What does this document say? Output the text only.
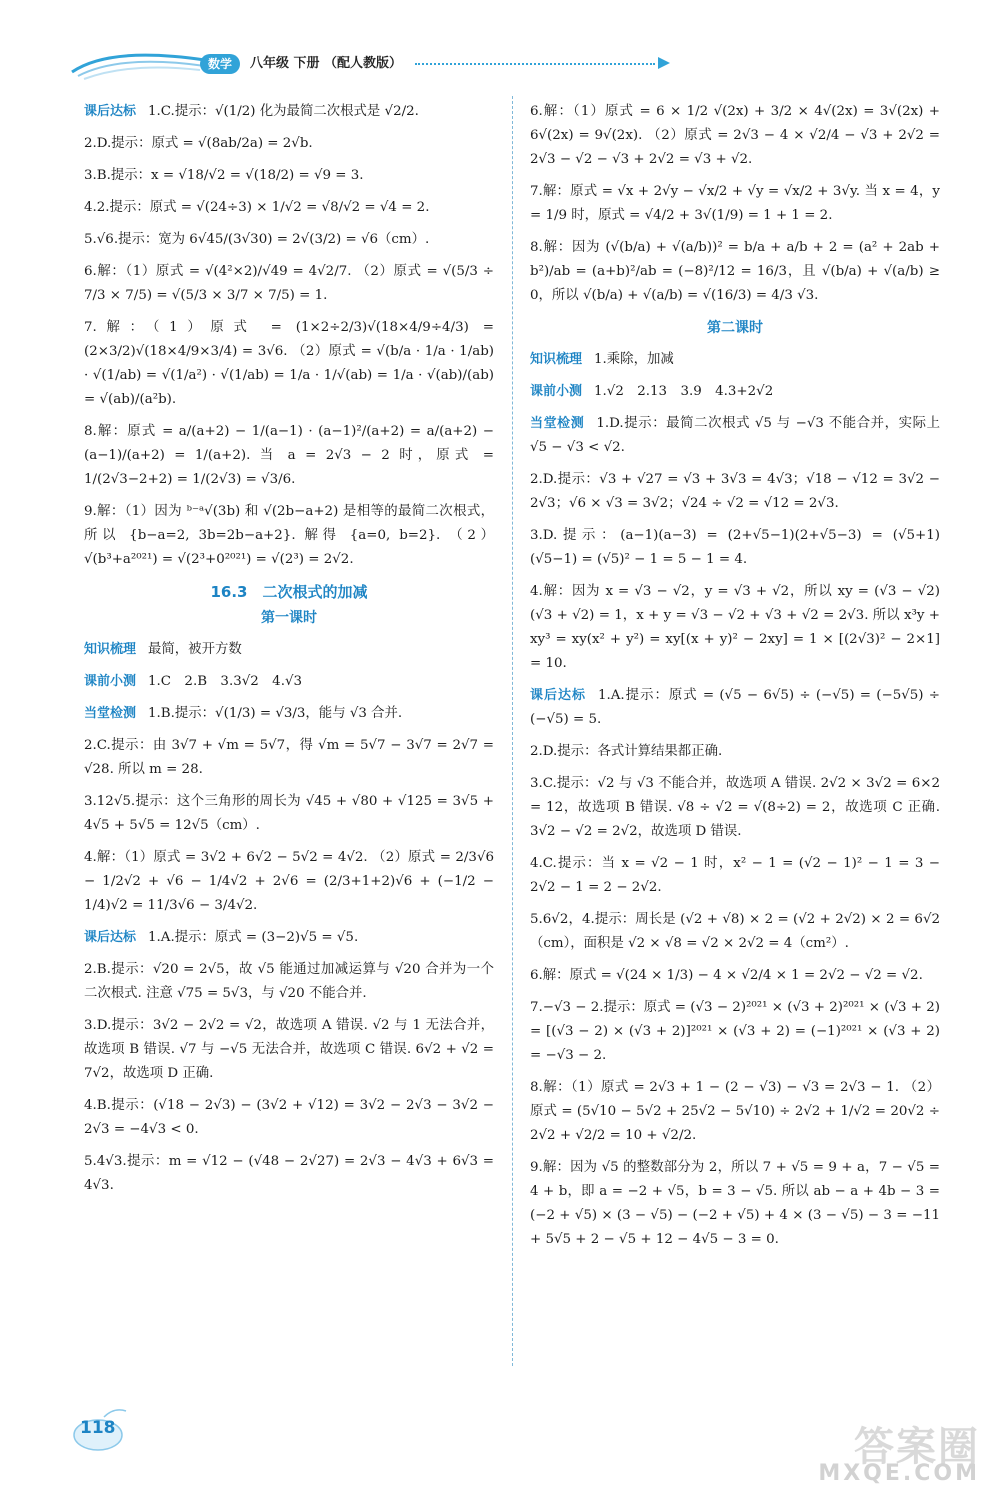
数学	八年级 下册 （配人教版）

课后达标 1.C.提示：√(1/2) 化为最简二次根式是 √2/2.

2.D.提示：原式 = √(8ab/2a) = 2√b.

3.B.提示：x = √18/√2 = √(18/2) = √9 = 3.

4.2.提示：原式 = √(24÷3) × 1/√2 = √8/√2 = √4 = 2.

5.√6.提示：宽为 6√45/(3√30) = 2√(3/2) = √6（cm）.

6.解：（1）原式 = √(4²×2)/√49 = 4√2/7. （2）原式 = √(5/3 ÷ 7/3 × 7/5) = √(5/3 × 3/7 × 7/5) = 1.

7.解：（1）原式 = (1×2÷2/3)√(18×4/9÷4/3) = (2×3/2)√(18×4/9×3/4) = 3√6. （2）原式 = √(b/a · 1/a · 1/ab) · √(1/ab) = √(1/a²) · √(1/ab) = 1/a · 1/√(ab) = 1/a · √(ab)/(ab) = √(ab)/(a²b).

8.解：原式 = a/(a+2) − 1/(a−1) · (a−1)²/(a+2) = a/(a+2) − (a−1)/(a+2) = 1/(a+2). 当 a = 2√3 − 2 时，原式 = 1/(2√3−2+2) = 1/(2√3) = √3/6.

9.解：（1）因为 ᵇ⁻ᵃ√(3b) 和 √(2b−a+2) 是相等的最简二次根式，所以 {b−a=2, 3b=2b−a+2}. 解得 {a=0, b=2}. （2）√(b³+a²⁰²¹) = √(2³+0²⁰²¹) = √(2³) = 2√2.

16.3　二次根式的加减
第一课时

知识梳理 最简，被开方数

课前小测 1.C　2.B　3.3√2　4.√3

当堂检测 1.B.提示：√(1/3) = √3/3，能与 √3 合并.

2.C.提示：由 3√7 + √m = 5√7，得 √m = 5√7 − 3√7 = 2√7 = √28. 所以 m = 28.

3.12√5.提示：这个三角形的周长为 √45 + √80 + √125 = 3√5 + 4√5 + 5√5 = 12√5（cm）.

4.解：（1）原式 = 3√2 + 6√2 − 5√2 = 4√2. （2）原式 = 2/3√6 − 1/2√2 + √6 − 1/4√2 + 2√6 = (2/3+1+2)√6 + (−1/2 − 1/4)√2 = 11/3√6 − 3/4√2.

课后达标 1.A.提示：原式 = (3−2)√5 = √5.

2.B.提示：√20 = 2√5，故 √5 能通过加减运算与 √20 合并为一个二次根式. 注意 √75 = 5√3，与 √20 不能合并.

3.D.提示：3√2 − 2√2 = √2，故选项 A 错误. √2 与 1 无法合并，故选项 B 错误. √7 与 −√5 无法合并，故选项 C 错误. 6√2 + √2 = 7√2，故选项 D 正确.

4.B.提示：(√18 − 2√3) − (3√2 + √12) = 3√2 − 2√3 − 3√2 − 2√3 = −4√3 < 0.

5.4√3.提示：m = √12 − (√48 − 2√27) = 2√3 − 4√3 + 6√3 = 4√3.

6.解：（1）原式 = 6 × 1/2 √(2x) + 3/2 × 4√(2x) = 3√(2x) + 6√(2x) = 9√(2x). （2）原式 = 2√3 − 4 × √2/4 − √3 + 2√2 = 2√3 − √2 − √3 + 2√2 = √3 + √2.

7.解：原式 = √x + 2√y − √x/2 + √y = √x/2 + 3√y. 当 x = 4，y = 1/9 时，原式 = √4/2 + 3√(1/9) = 1 + 1 = 2.

8.解：因为 (√(b/a) + √(a/b))² = b/a + a/b + 2 = (a² + 2ab + b²)/ab = (a+b)²/ab = (−8)²/12 = 16/3，且 √(b/a) + √(a/b) ≥ 0，所以 √(b/a) + √(a/b) = √(16/3) = 4/3 √3.

第二课时

知识梳理 1.乘除，加减

课前小测 1.√2　2.13　3.9　4.3+2√2

当堂检测 1.D.提示：最简二次根式 √5 与 −√3 不能合并，实际上 √5 − √3 < √2.

2.D.提示：√3 + √27 = √3 + 3√3 = 4√3；√18 − √12 = 3√2 − 2√3；√6 × √3 = 3√2；√24 ÷ √2 = √12 = 2√3.

3.D.提示：(a−1)(a−3) = (2+√5−1)(2+√5−3) = (√5+1)(√5−1) = (√5)² − 1 = 5 − 1 = 4.

4.解：因为 x = √3 − √2，y = √3 + √2，所以 xy = (√3 − √2)(√3 + √2) = 1，x + y = √3 − √2 + √3 + √2 = 2√3. 所以 x³y + xy³ = xy(x² + y²) = xy[(x + y)² − 2xy] = 1 × [(2√3)² − 2×1] = 10.

课后达标 1.A.提示：原式 = (√5 − 6√5) ÷ (−√5) = (−5√5) ÷ (−√5) = 5.

2.D.提示：各式计算结果都正确.

3.C.提示：√2 与 √3 不能合并，故选项 A 错误. 2√2 × 3√2 = 6×2 = 12，故选项 B 错误. √8 ÷ √2 = √(8÷2) = 2，故选项 C 正确. 3√2 − √2 = 2√2，故选项 D 错误.

4.C.提示：当 x = √2 − 1 时，x² − 1 = (√2 − 1)² − 1 = 3 − 2√2 − 1 = 2 − 2√2.

5.6√2，4.提示：周长是 (√2 + √8) × 2 = (√2 + 2√2) × 2 = 6√2（cm），面积是 √2 × √8 = √2 × 2√2 = 4（cm²）.

6.解：原式 = √(24 × 1/3) − 4 × √2/4 × 1 = 2√2 − √2 = √2.

7.−√3 − 2.提示：原式 = (√3 − 2)²⁰²¹ × (√3 + 2)²⁰²¹ × (√3 + 2) = [(√3 − 2) × (√3 + 2)]²⁰²¹ × (√3 + 2) = (−1)²⁰²¹ × (√3 + 2) = −√3 − 2.

8.解：（1）原式 = 2√3 + 1 − (2 − √3) − √3 = 2√3 − 1. （2）原式 = (5√10 − 5√2 + 25√2 − 5√10) ÷ 2√2 + 1/√2 = 20√2 ÷ 2√2 + √2/2 = 10 + √2/2.

9.解：因为 √5 的整数部分为 2，所以 7 + √5 = 9 + a，7 − √5 = 4 + b，即 a = −2 + √5，b = 3 − √5. 所以 ab − a + 4b − 3 = (−2 + √5) × (3 − √5) − (−2 + √5) + 4 × (3 − √5) − 3 = −11 + 5√5 + 2 − √5 + 12 − 4√5 − 3 = 0.

118	答案圈
MXQE.COM
